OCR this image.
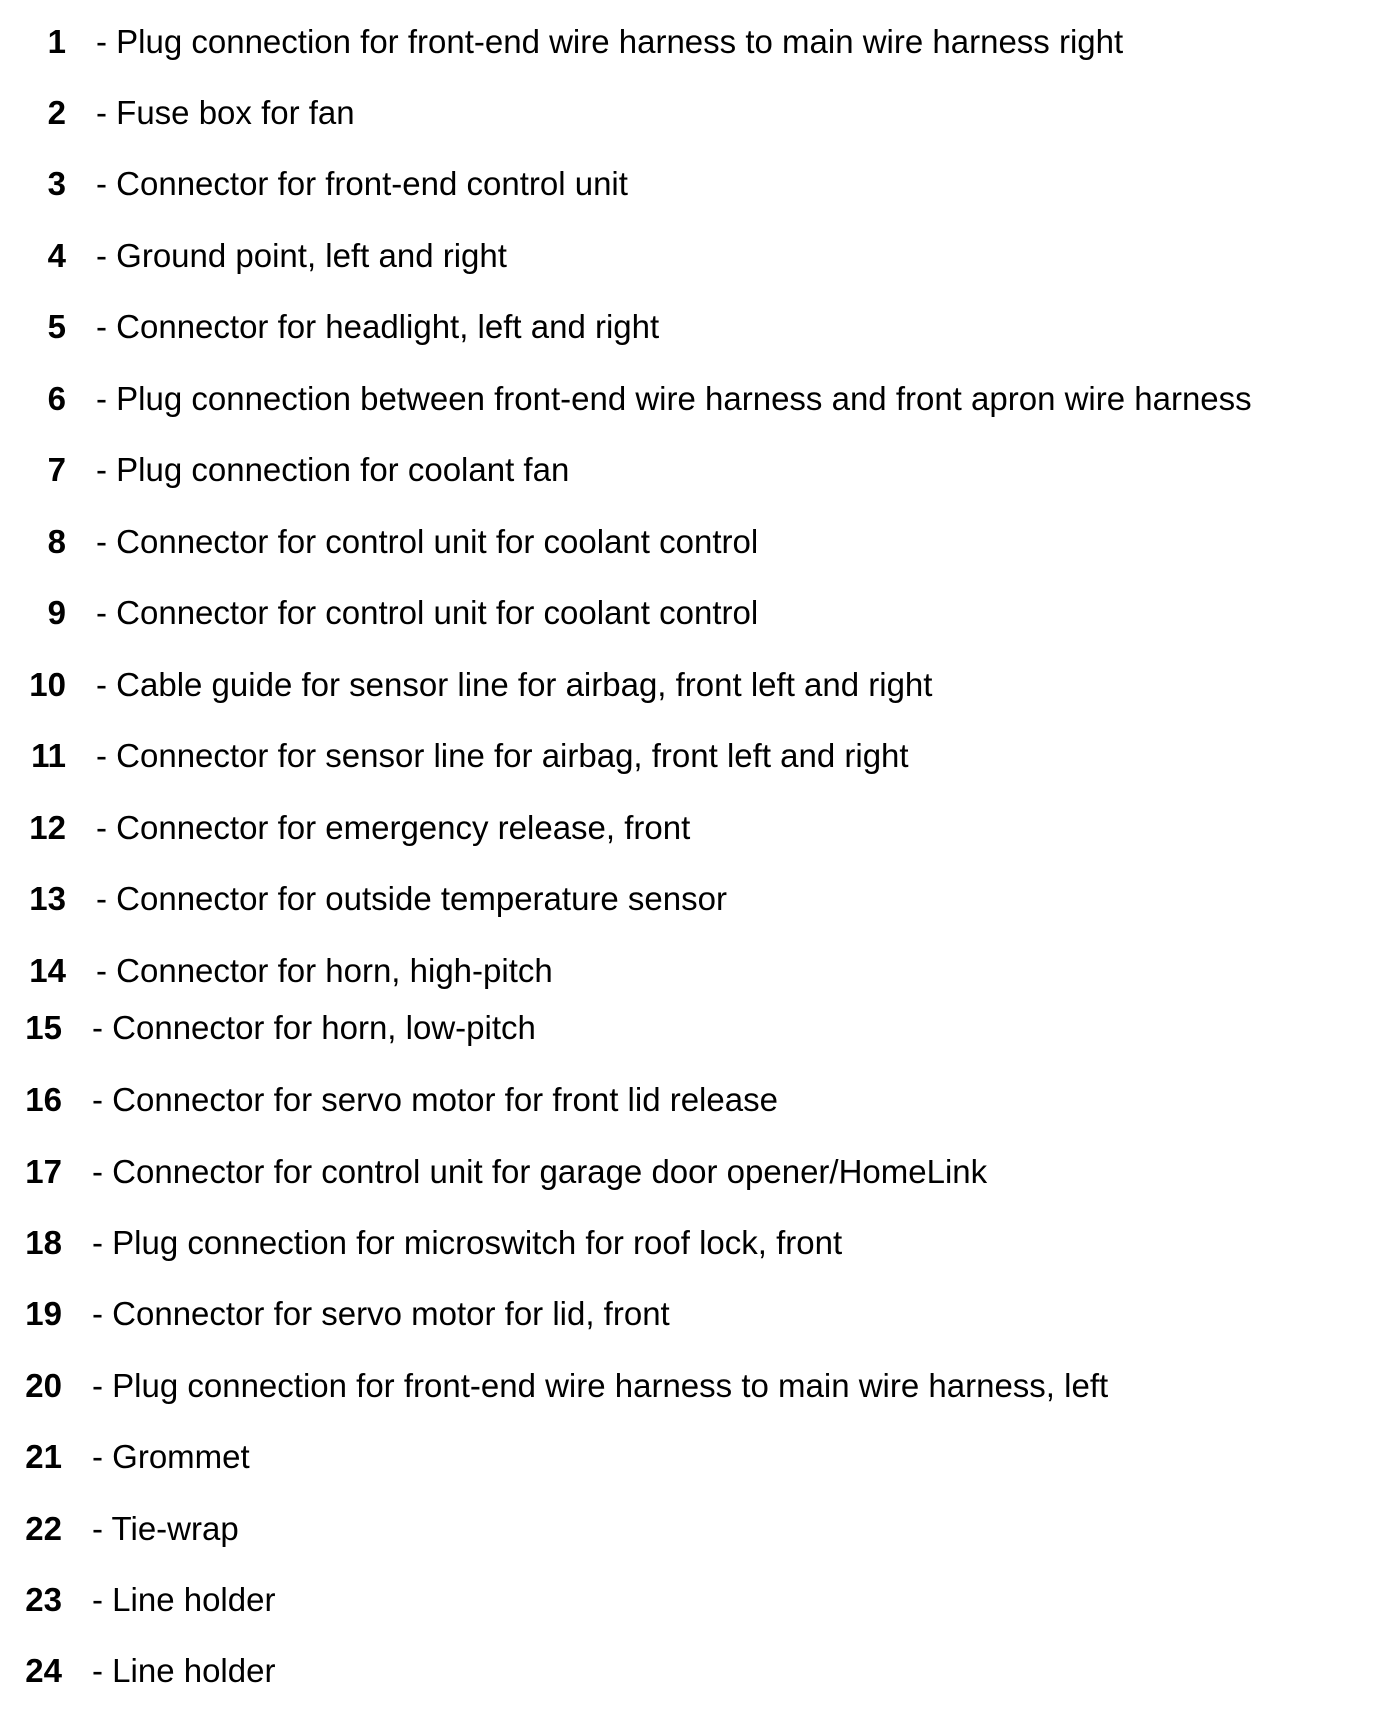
1 - Plug connection for front-end wire harness to main wire harness right
2 - Fuse box for fan
3 - Connector for front-end control unit
4 - Ground point, left and right
5 - Connector for headlight, left and right
6 - Plug connection between front-end wire harness and front apron wire harness
7 - Plug connection for coolant fan
8 - Connector for control unit for coolant control
9 - Connector for control unit for coolant control
10 - Cable guide for sensor line for airbag, front left and right
11 - Connector for sensor line for airbag, front left and right
12 - Connector for emergency release, front
13 - Connector for outside temperature sensor
14 - Connector for horn, high-pitch
15 - Connector for horn, low-pitch
16 - Connector for servo motor for front lid release
17 - Connector for control unit for garage door opener/HomeLink
18 - Plug connection for microswitch for roof lock, front
19 - Connector for servo motor for lid, front
20 - Plug connection for front-end wire harness to main wire harness, left
21 - Grommet
22 - Tie-wrap
23 - Line holder
24 - Line holder
